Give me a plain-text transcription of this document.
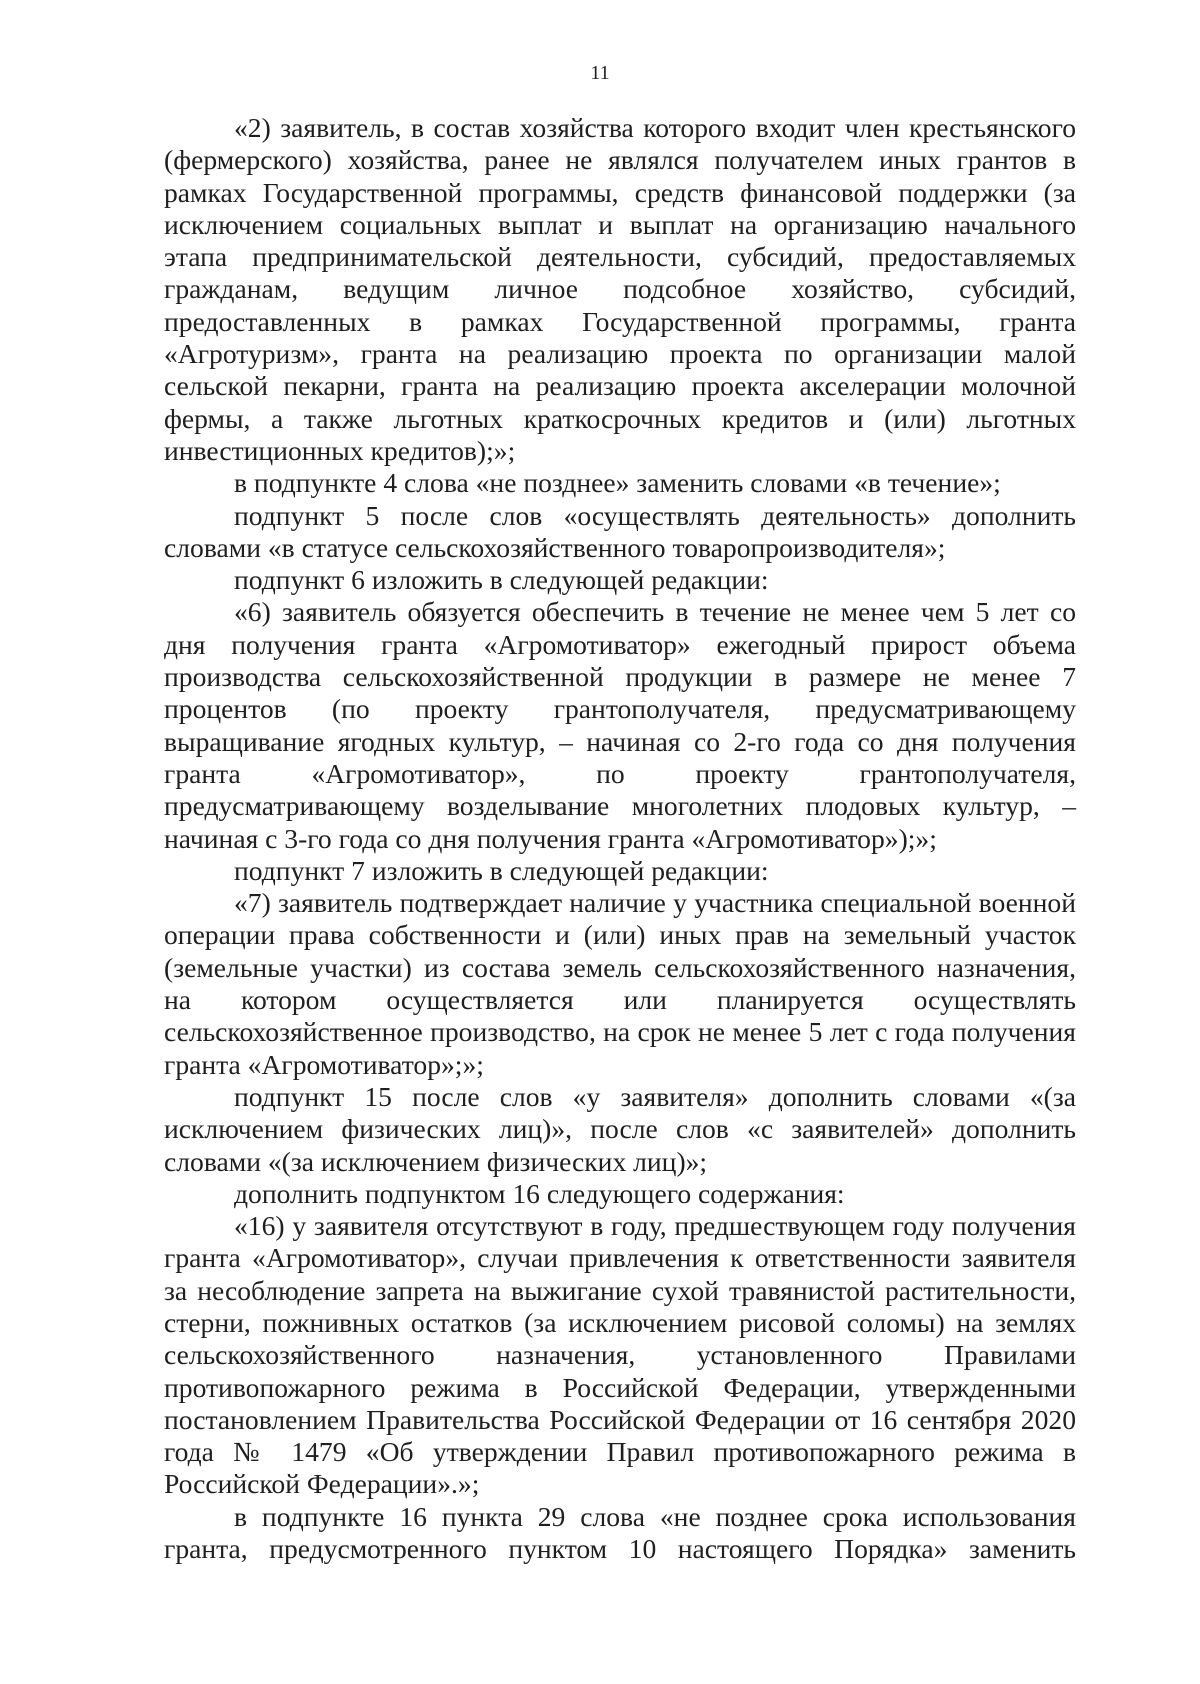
11

«2) заявитель, в состав хозяйства которого входит член крестьянского (фермерского) хозяйства, ранее не являлся получателем иных грантов в рамках Государственной программы, средств финансовой поддержки (за исключением социальных выплат и выплат на организацию начального этапа предпринимательской деятельности, субсидий, предоставляемых гражданам, ведущим личное подсобное хозяйство, субсидий, предоставленных в рамках Государственной программы, гранта «Агротуризм», гранта на реализацию проекта по организации малой сельской пекарни, гранта на реализацию проекта акселерации молочной фермы, а также льготных краткосрочных кредитов и (или) льготных инвестиционных кредитов);»;

в подпункте 4 слова «не позднее» заменить словами «в течение»;

подпункт 5 после слов «осуществлять деятельность» дополнить словами «в статусе сельскохозяйственного товаропроизводителя»;

подпункт 6 изложить в следующей редакции:

«6) заявитель обязуется обеспечить в течение не менее чем 5 лет со дня получения гранта «Агромотиватор» ежегодный прирост объема производства сельскохозяйственной продукции в размере не менее 7 процентов (по проекту грантополучателя, предусматривающему выращивание ягодных культур, – начиная со 2-го года со дня получения гранта «Агромотиватор», по проекту грантополучателя, предусматривающему возделывание многолетних плодовых культур, – начиная с 3-го года со дня получения гранта «Агромотиватор»);»;

подпункт 7 изложить в следующей редакции:

«7) заявитель подтверждает наличие у участника специальной военной операции права собственности и (или) иных прав на земельный участок (земельные участки) из состава земель сельскохозяйственного назначения, на котором осуществляется или планируется осуществлять сельскохозяйственное производство, на срок не менее 5 лет с года получения гранта «Агромотиватор»;»;

подпункт 15 после слов «у заявителя» дополнить словами «(за исключением физических лиц)», после слов «с заявителей» дополнить словами «(за исключением физических лиц)»;

дополнить подпунктом 16 следующего содержания:

«16) у заявителя отсутствуют в году, предшествующем году получения гранта «Агромотиватор», случаи привлечения к ответственности заявителя за несоблюдение запрета на выжигание сухой травянистой растительности, стерни, пожнивных остатков (за исключением рисовой соломы) на землях сельскохозяйственного назначения, установленного Правилами противопожарного режима в Российской Федерации, утвержденными постановлением Правительства Российской Федерации от 16 сентября 2020 года № 1479 «Об утверждении Правил противопожарного режима в Российской Федерации».»;

в подпункте 16 пункта 29 слова «не позднее срока использования гранта, предусмотренного пунктом 10 настоящего Порядка» заменить
